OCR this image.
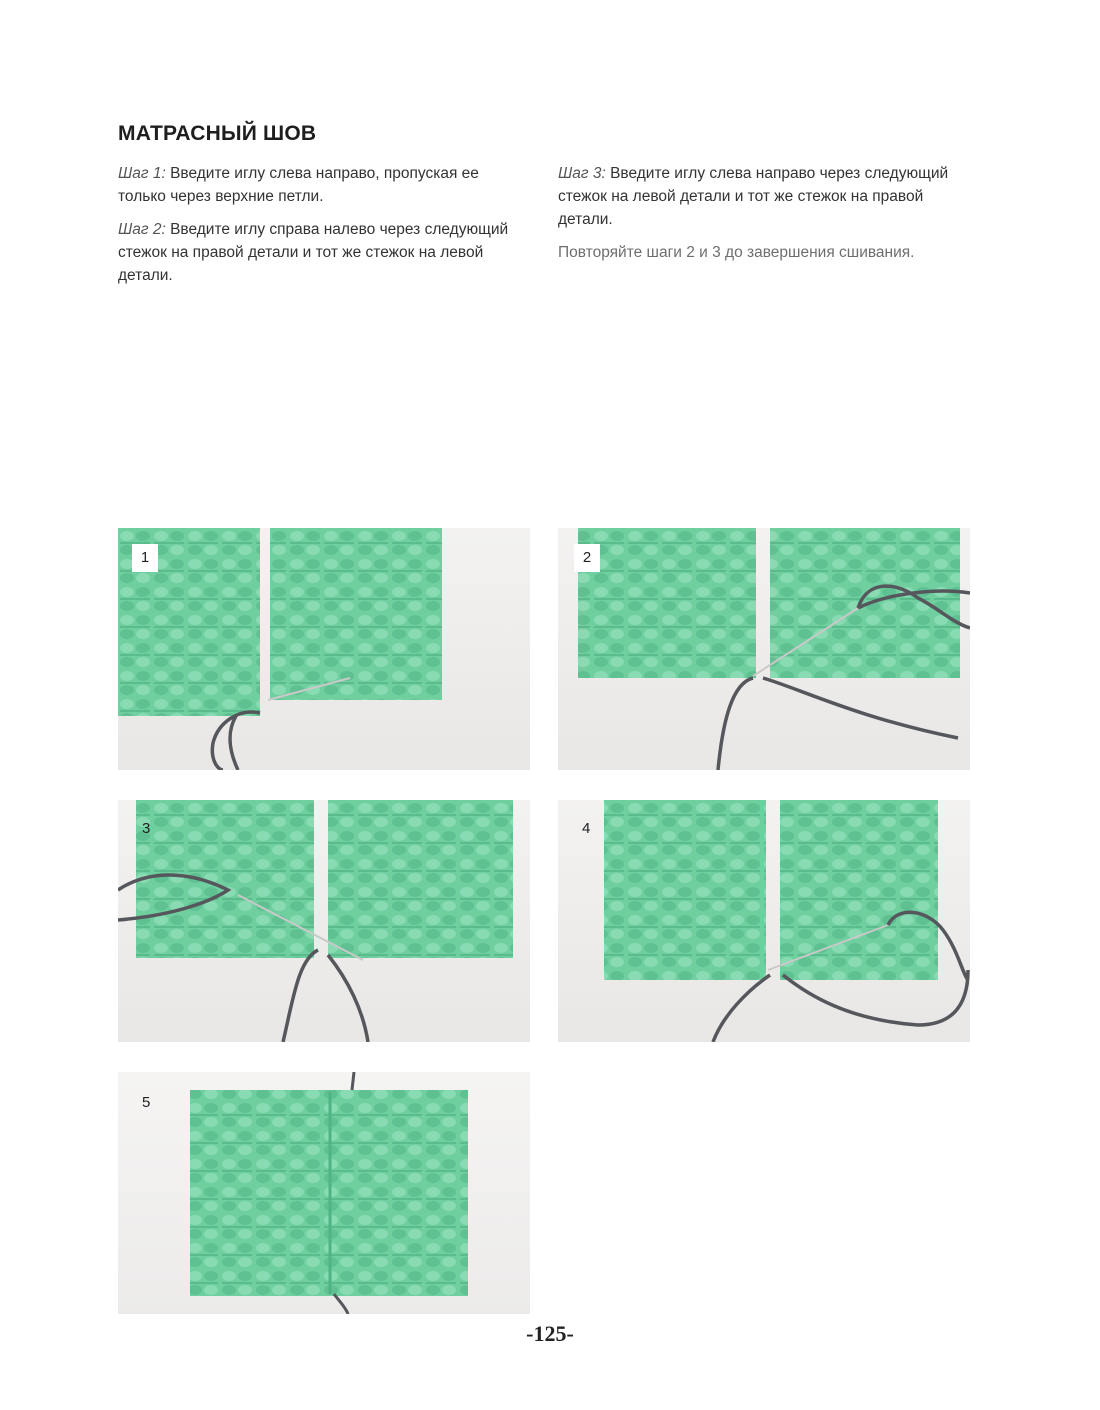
МАТРАСНЫЙ ШОВ

Шаг 1: Введите иглу слева направо, пропуская ее только через верхние петли.

Шаг 2: Введите иглу справа налево через следующий стежок на правой детали и тот же стежок на левой детали.

Шаг 3: Введите иглу слева направо через следующий стежок на левой детали и тот же стежок на правой детали.

Повторяйте шаги 2 и 3 до завершения сшивания.

1	2
3	4
5
-125-
